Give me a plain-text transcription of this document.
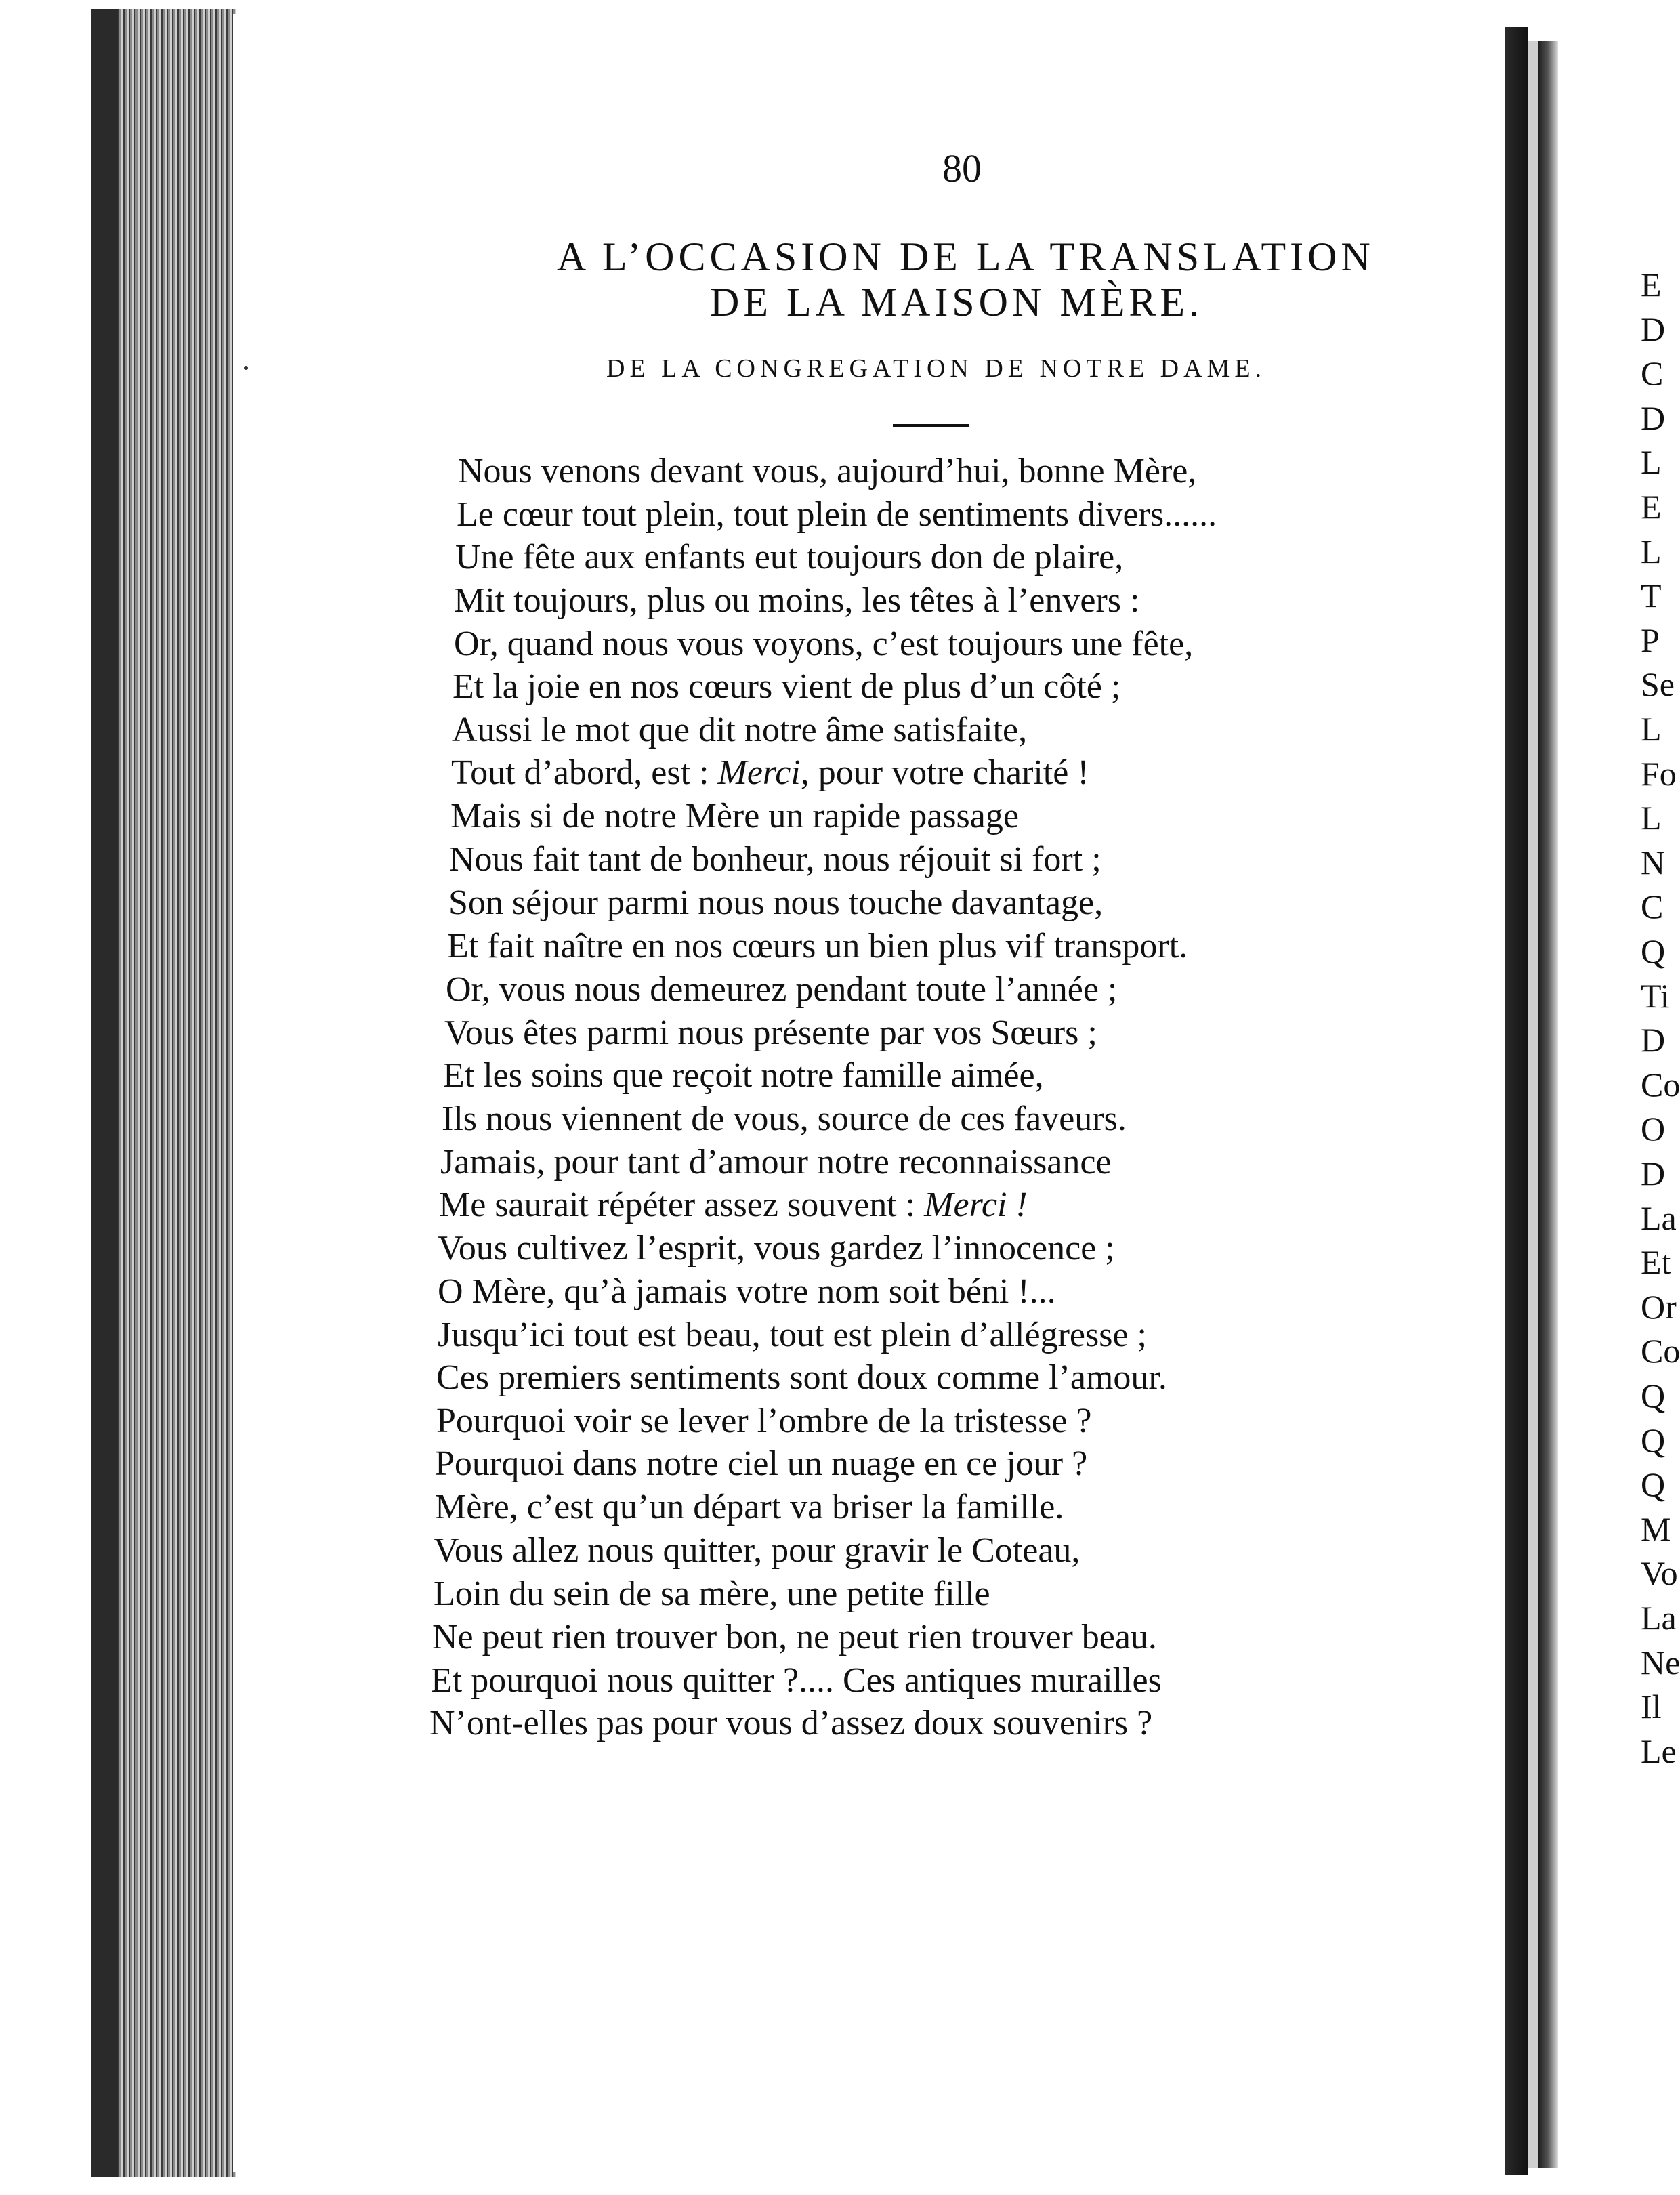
80
A L’OCCASION DE LA TRANSLATION
DE LA MAISON MÈRE.
DE LA CONGREGATION DE NOTRE DAME.
Nous venons devant vous, aujourd’hui, bonne Mère,
Le cœur tout plein, tout plein de sentiments divers......
Une fête aux enfants eut toujours don de plaire,
Mit toujours, plus ou moins, les têtes à l’envers :
Or, quand nous vous voyons, c’est toujours une fête,
Et la joie en nos cœurs vient de plus d’un côté ;
Aussi le mot que dit notre âme satisfaite,
Tout d’abord, est : Merci, pour votre charité !
Mais si de notre Mère un rapide passage
Nous fait tant de bonheur, nous réjouit si fort ;
Son séjour parmi nous nous touche davantage,
Et fait naître en nos cœurs un bien plus vif transport.
Or, vous nous demeurez pendant toute l’année ;
Vous êtes parmi nous présente par vos Sœurs ;
Et les soins que reçoit notre famille aimée,
Ils nous viennent de vous, source de ces faveurs.
Jamais, pour tant d’amour notre reconnaissance
Me saurait répéter assez souvent : Merci !
Vous cultivez l’esprit, vous gardez l’innocence ;
O Mère, qu’à jamais votre nom soit béni !...
Jusqu’ici tout est beau, tout est plein d’allégresse ;
Ces premiers sentiments sont doux comme l’amour.
Pourquoi voir se lever l’ombre de la tristesse ?
Pourquoi dans notre ciel un nuage en ce jour ?
Mère, c’est qu’un départ va briser la famille.
Vous allez nous quitter, pour gravir le Coteau,
Loin du sein de sa mère, une petite fille
Ne peut rien trouver bon, ne peut rien trouver beau.
Et pourquoi nous quitter ?.... Ces antiques murailles
N’ont-elles pas pour vous d’assez doux souvenirs ?
E
D
C
D
L
E
L
T
P
Se
L
Fo
L
N
C
Q
Ti
D
Co
O
D
La
Et
Or
Co
Q
Q
Q
M
Vo
La
Ne
Il
Le
